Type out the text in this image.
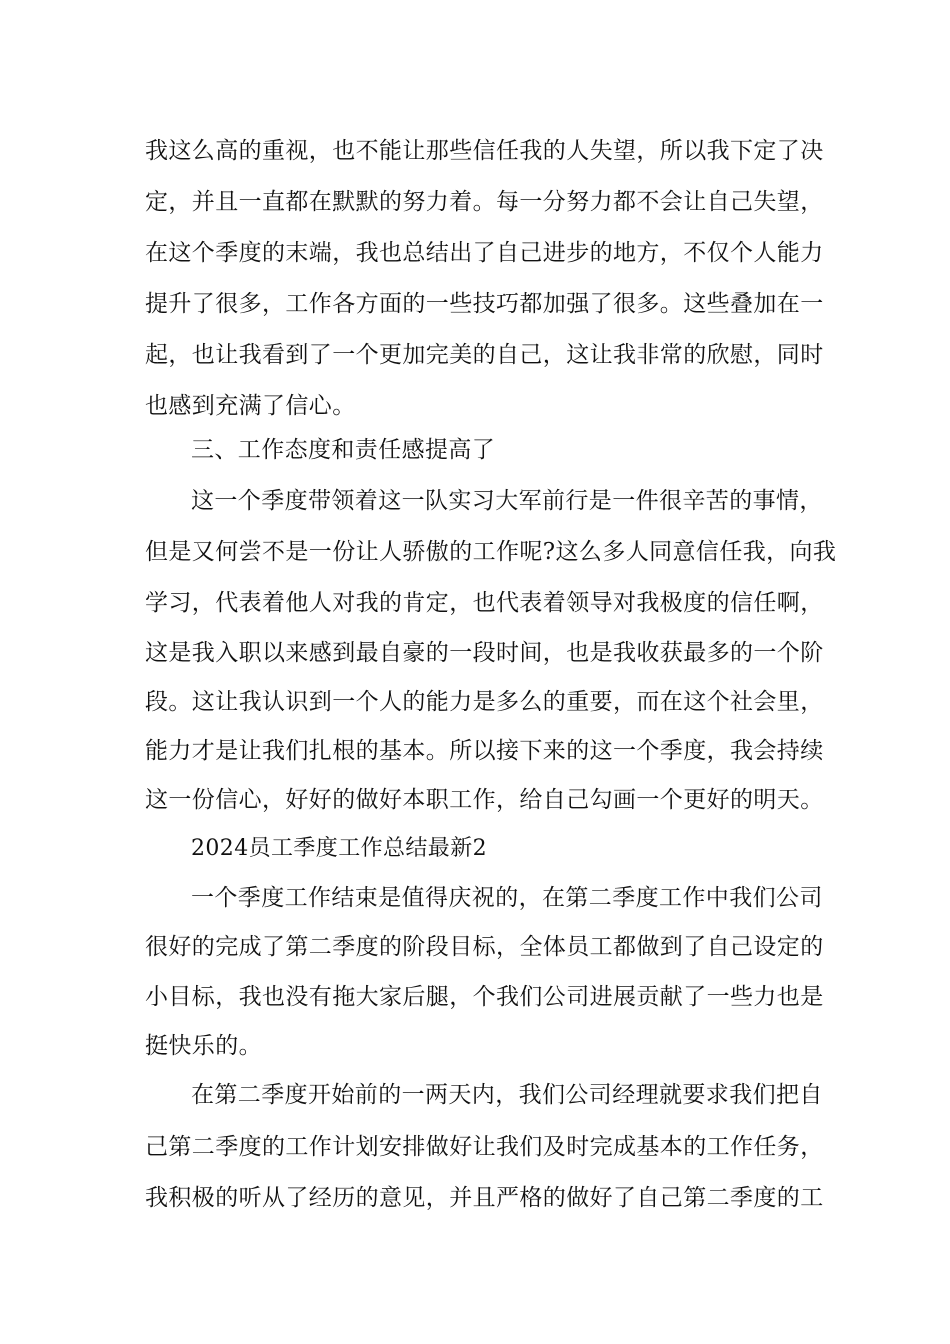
我这么高的重视，也不能让那些信任我的人失望，所以我下定了决
定，并且一直都在默默的努力着。每一分努力都不会让自己失望，
在这个季度的末端，我也总结出了自己进步的地方，不仅个人能力
提升了很多，工作各方面的一些技巧都加强了很多。这些叠加在一
起，也让我看到了一个更加完美的自己，这让我非常的欣慰，同时
也感到充满了信心。
三、工作态度和责任感提高了
这一个季度带领着这一队实习大军前行是一件很辛苦的事情，
但是又何尝不是一份让人骄傲的工作呢?这么多人同意信任我，向我
学习，代表着他人对我的肯定，也代表着领导对我极度的信任啊，
这是我入职以来感到最自豪的一段时间，也是我收获最多的一个阶
段。这让我认识到一个人的能力是多么的重要，而在这个社会里，
能力才是让我们扎根的基本。所以接下来的这一个季度，我会持续
这一份信心，好好的做好本职工作，给自己勾画一个更好的明天。
2024员工季度工作总结最新2
一个季度工作结束是值得庆祝的，在第二季度工作中我们公司
很好的完成了第二季度的阶段目标，全体员工都做到了自己设定的
小目标，我也没有拖大家后腿，个我们公司进展贡献了一些力也是
挺快乐的。
在第二季度开始前的一两天内，我们公司经理就要求我们把自
己第二季度的工作计划安排做好让我们及时完成基本的工作任务，
我积极的听从了经历的意见，并且严格的做好了自己第二季度的工
